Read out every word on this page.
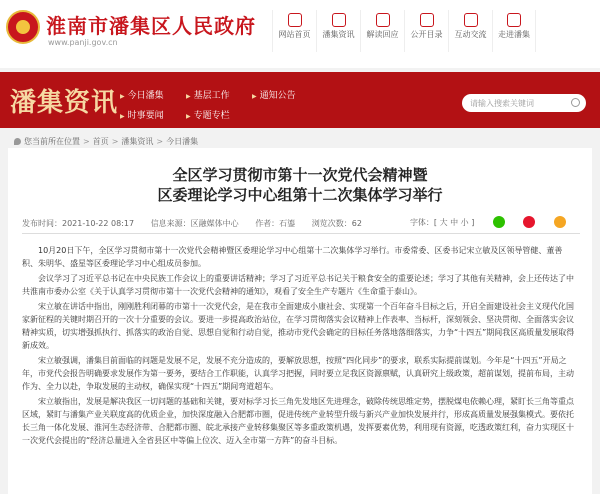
淮南市潘集区人民政府
www.panji.gov.cn
网站首页	潘集资讯	解读回应	公开目录	互动交流	走进潘集
潘集资讯	▶ 今日潘集	▶ 基层工作	▶ 通知公告
▶ 时事要闻	▶ 专题专栏
请输入搜索关键词
您当前所在位置 > 首页 > 潘集资讯 > 今日潘集
全区学习贯彻市第十一次党代会精神暨
区委理论学习中心组第十二次集体学习举行
发布时间：2021-10-22 08:17 信息来源：区融媒体中心 作者：石鎏 浏览次数：62	字体：[ 大 中 小 ]

10月20日下午，全区学习贯彻市第十一次党代会精神暨区委理论学习中心组第十二次集体学习举行。市委常委、区委书记宋立敏及区领导管健、董善积、朱明华、盛星等区委理论学习中心组成员参加。

会议学习了习近平总书记在中央民族工作会议上的重要讲话精神；学习了习近平总书记关于粮食安全的重要论述；学习了其他有关精神，会上还传达了中共淮南市委办公室《关于认真学习贯彻市第十一次党代会精神的通知》，观看了安全生产专题片《生命重于泰山》。

宋立敏在讲话中指出，刚刚胜利闭幕的市第十一次党代会，是在我市全面建成小康社会、实现第一个百年奋斗目标之后，开启全面建设社会主义现代化国家新征程的关键时期召开的一次十分重要的会议。要进一步提高政治站位，在学习贯彻落实会议精神上作表率、当标杆，深刻领会、坚决贯彻、全面落实会议精神实质，切实增强抓执行、抓落实的政治自觉、思想自觉和行动自觉，推动市党代会确定的目标任务落地落细落实，力争“十四五”期间我区高质量发展取得新成效。

宋立敏强调，潘集目前面临的问题是发展不足，发展不充分造成的，要解放思想，按照“四化同步”的要求，联系实际提前谋划。今年是“十四五”开局之年，市党代会报告明确要求发展作为第一要务，要结合工作职能，认真学习把握，同时要立足我区资源禀赋，认真研究上级政策，超前谋划，提前布局，主动作为、全力以赴，争取发展的主动权，确保实现“十四五”期间弯道超车。

宋立敏指出，发展是解决我区一切问题的基础和关键，要对标学习长三角先发地区先进理念，破除传统思维定势，摆脱煤电依赖心理，紧盯长三角等重点区域，紧盯与潘集产业关联度高的优质企业，加快深度融入合肥都市圈，促进传统产业转型升级与新兴产业加快发展并行，形成高质量发展强集模式。要依托长三角一体化发展、淮河生态经济带、合肥都市圈、皖北承接产业转移集聚区等多重政策机遇，发挥要素优势，利用现有资源，吃透政策红利，奋力实现区十一次党代会提出的“经济总量进入全省县区中等偏上位次、迈入全市第一方阵”的奋斗目标。
